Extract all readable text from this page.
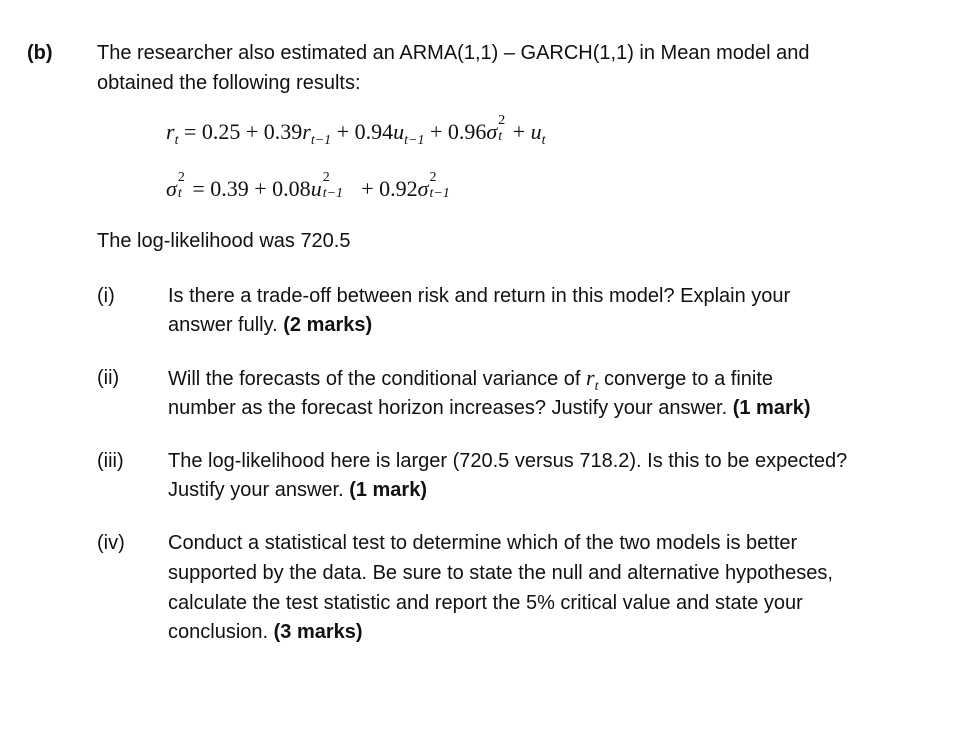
(b) The researcher also estimated an ARMA(1,1) – GARCH(1,1) in Mean model and
obtained the following results:
$r_t = 0.25 + 0.39r_{t-1} + 0.94u_{t-1} + 0.96\sigma$ 2
$t + u_t$
σ 2
t = 0.39 + 0.08u 2
t−1 + 0.92σ 2
t−1
The log-likelihood was 720.5
(i)	Is there a trade-off between risk and return in this model? Explain your
answer fully. (2 marks)
(ii) Will the forecasts of the conditional variance of $r_t$ converge to a finite
number as the forecast horizon increases? Justify your answer. (1 mark)
(iii) The log-likelihood here is larger (720.5 versus 718.2). Is this to be expected?
Justify your answer. (1 mark)
(iv) Conduct a statistical test to determine which of the two models is better
supported by the data. Be sure to state the null and alternative hypotheses,
calculate the test statistic and report the 5% critical value and state your
conclusion. (3 marks)
